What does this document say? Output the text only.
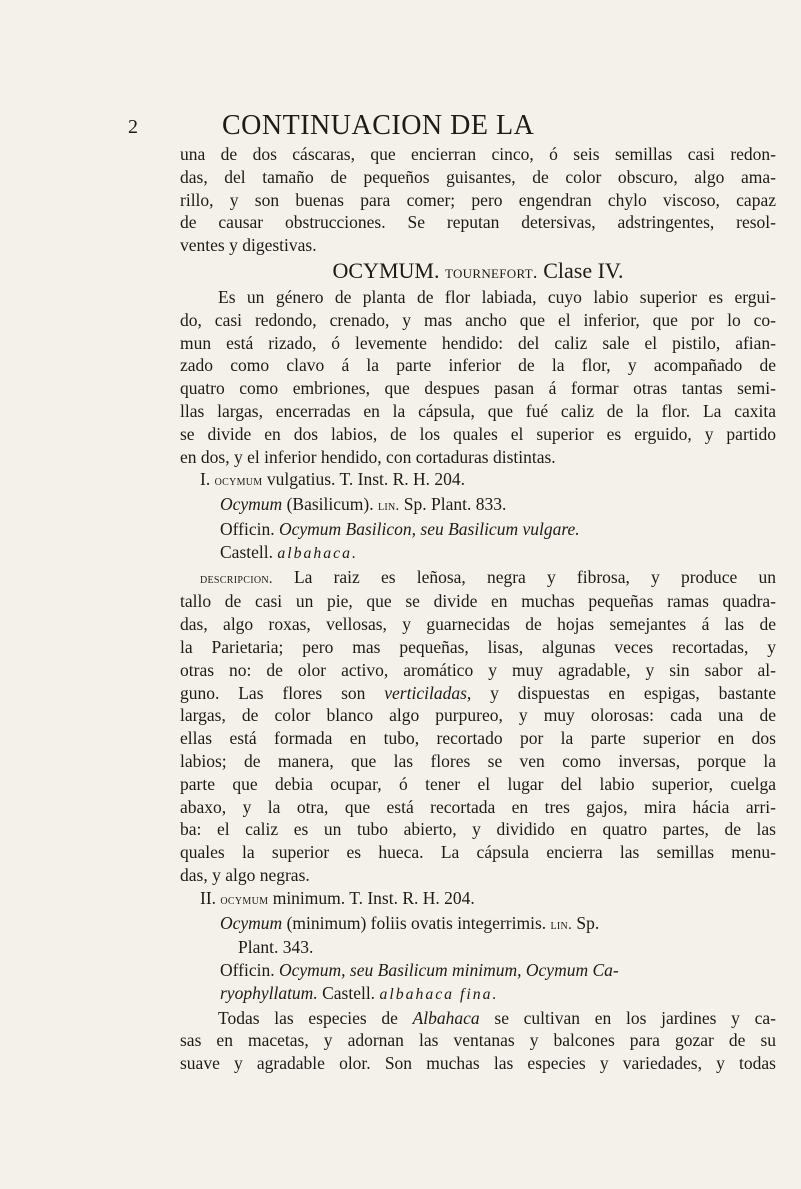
2	CONTINUACION DE LA

una de dos cáscaras, que encierran cinco, ó seis semillas casi redon-

das, del tamaño de pequeños guisantes, de color obscuro, algo ama-

rillo, y son buenas para comer; pero engendran chylo viscoso, capaz

de causar obstrucciones. Se reputan detersivas, adstringentes, resol-

ventes y digestivas.

OCYMUM. tournefort. Clase IV.

Es un género de planta de flor labiada, cuyo labio superior es ergui-

do, casi redondo, crenado, y mas ancho que el inferior, que por lo co-

mun está rizado, ó levemente hendido: del caliz sale el pistilo, afian-

zado como clavo á la parte inferior de la flor, y acompañado de

quatro como embriones, que despues pasan á formar otras tantas semi-

llas largas, encerradas en la cápsula, que fué caliz de la flor. La caxita

se divide en dos labios, de los quales el superior es erguido, y partido

en dos, y el inferior hendido, con cortaduras distintas.

I. ocymum vulgatius. T. Inst. R. H. 204.

Ocymum (Basilicum). lin. Sp. Plant. 833.

Officin. Ocymum Basilicon, seu Basilicum vulgare.

Castell. albahaca.

descripcion. La raiz es leñosa, negra y fibrosa, y produce un

tallo de casi un pie, que se divide en muchas pequeñas ramas quadra-

das, algo roxas, vellosas, y guarnecidas de hojas semejantes á las de

la Parietaria; pero mas pequeñas, lisas, algunas veces recortadas, y

otras no: de olor activo, aromático y muy agradable, y sin sabor al-

guno. Las flores son verticiladas, y dispuestas en espigas, bastante

largas, de color blanco algo purpureo, y muy olorosas: cada una de

ellas está formada en tubo, recortado por la parte superior en dos

labios; de manera, que las flores se ven como inversas, porque la

parte que debia ocupar, ó tener el lugar del labio superior, cuelga

abaxo, y la otra, que está recortada en tres gajos, mira hácia arri-

ba: el caliz es un tubo abierto, y dividido en quatro partes, de las

quales la superior es hueca. La cápsula encierra las semillas menu-

das, y algo negras.

II. ocymum minimum. T. Inst. R. H. 204.

Ocymum (minimum) foliis ovatis integerrimis. lin. Sp.

Plant. 343.

Officin. Ocymum, seu Basilicum minimum, Ocymum Ca-

ryophyllatum. Castell. albahaca fina.

Todas las especies de Albahaca se cultivan en los jardines y ca-

sas en macetas, y adornan las ventanas y balcones para gozar de su

suave y agradable olor. Son muchas las especies y variedades, y todas
